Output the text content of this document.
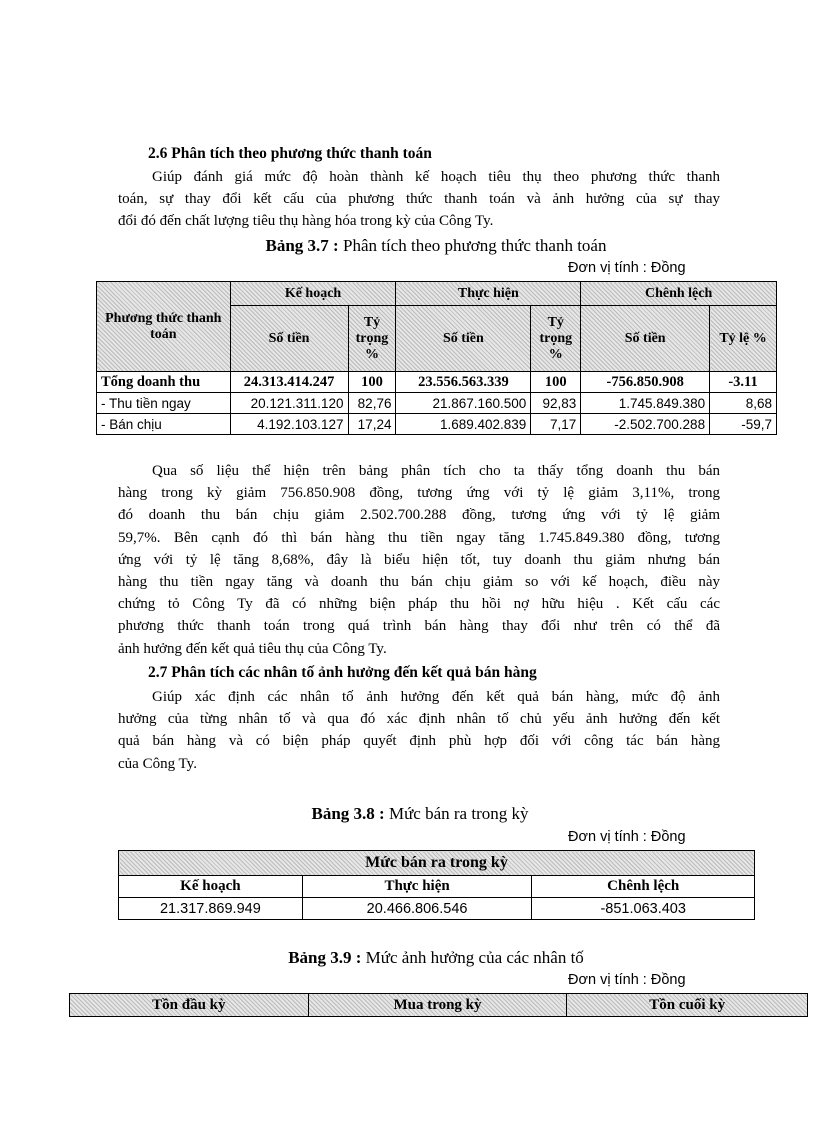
2.6 Phân tích theo phương thức thanh toán
Giúp đánh giá mức độ hoàn thành kế hoạch tiêu thụ theo phương thức thanh
toán, sự thay đổi kết cấu của phương thức thanh toán và ảnh hưởng của sự thay
đổi đó đến chất lượng tiêu thụ hàng hóa trong kỳ của Công Ty.
Bảng 3.7 : Phân tích theo phương thức thanh toán
Đơn vị tính : Đồng
Phương thức thanh toán	Kế hoạch		Thực hiện		Chênh lệch	
	Số tiền	Tỷ trọng %	Số tiền	Tỷ trọng %	Số tiền	Tỷ lệ %
Tổng doanh thu	24.313.414.247	100	23.556.563.339	100	-756.850.908	-3.11
- Thu tiền ngay	20.121.311.120	82,76	21.867.160.500	92,83	1.745.849.380	8,68
- Bán chịu	4.192.103.127	17,24	1.689.402.839	7,17	-2.502.700.288	-59,7
Qua số liệu thể hiện trên bảng phân tích cho ta thấy tổng doanh thu bán
hàng trong kỳ giảm 756.850.908 đồng, tương ứng với tỷ lệ giảm 3,11%, trong
đó doanh thu bán chịu giảm 2.502.700.288 đồng, tương ứng với tỷ lệ giảm
59,7%. Bên cạnh đó thì bán hàng thu tiền ngay tăng 1.745.849.380 đồng, tương
ứng với tỷ lệ tăng 8,68%, đây là biểu hiện tốt, tuy doanh thu giảm nhưng bán
hàng thu tiền ngay tăng và doanh thu bán chịu giảm so với kế hoạch, điều này
chứng tỏ Công Ty đã có những biện pháp thu hồi nợ hữu hiệu . Kết cấu các
phương thức thanh toán trong quá trình bán hàng thay đổi như trên có thể đã
ảnh hưởng đến kết quả tiêu thụ của Công Ty.
2.7 Phân tích các nhân tố ảnh hưởng đến kết quả bán hàng
Giúp xác định các nhân tố ảnh hưởng đến kết quả bán hàng, mức độ ảnh
hưởng của từng nhân tố và qua đó xác định nhân tố chủ yếu ảnh hưởng đến kết
quả bán hàng và có biện pháp quyết định phù hợp đối với công tác bán hàng
của Công Ty.
Bảng 3.8 : Mức bán ra trong kỳ
Đơn vị tính : Đồng
Mức bán ra trong kỳ		
Kế hoạch	Thực hiện	Chênh lệch
21.317.869.949	20.466.806.546	-851.063.403
Bảng 3.9 : Mức ảnh hưởng của các nhân tố
Đơn vị tính : Đồng
Tồn đầu kỳ	Mua trong kỳ	Tồn cuối kỳ
